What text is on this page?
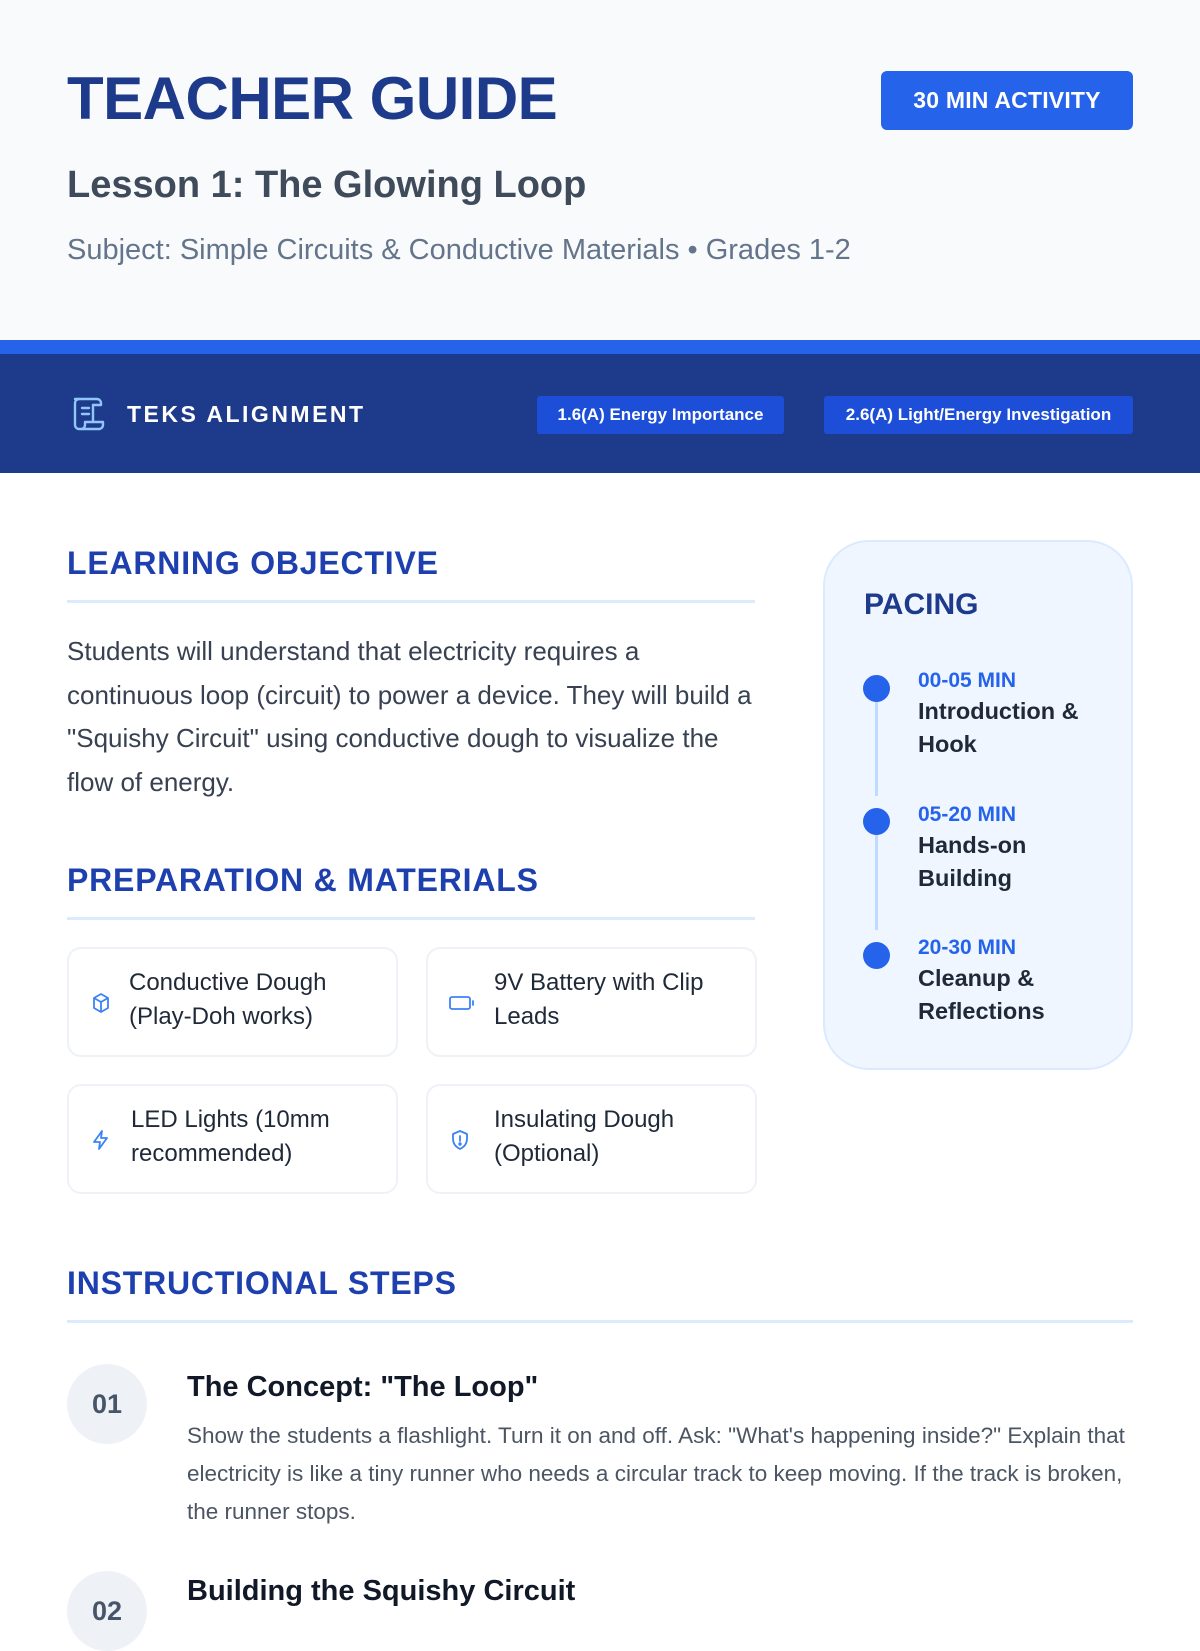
TEACHER GUIDE	30 MIN ACTIVITY
Lesson 1: The Glowing Loop
Subject: Simple Circuits & Conductive Materials • Grades 1-2
TEKS ALIGNMENT	1.6(A) Energy Importance	2.6(A) Light/Energy Investigation
LEARNING OBJECTIVE
Students will understand that electricity requires a continuous loop (circuit) to power a device. They will build a "Squishy Circuit" using conductive dough to visualize the flow of energy.
PREPARATION & MATERIALS
Conductive Dough (Play-Doh works)
9V Battery with Clip Leads
LED Lights (10mm recommended)
Insulating Dough (Optional)
PACING
00-05 MIN
Introduction & Hook
05-20 MIN
Hands-on Building
20-30 MIN
Cleanup & Reflections
INSTRUCTIONAL STEPS
01
The Concept: "The Loop"
Show the students a flashlight. Turn it on and off. Ask: "What's happening inside?" Explain that electricity is like a tiny runner who needs a circular track to keep moving. If the track is broken, the runner stops.
02
Building the Squishy Circuit
